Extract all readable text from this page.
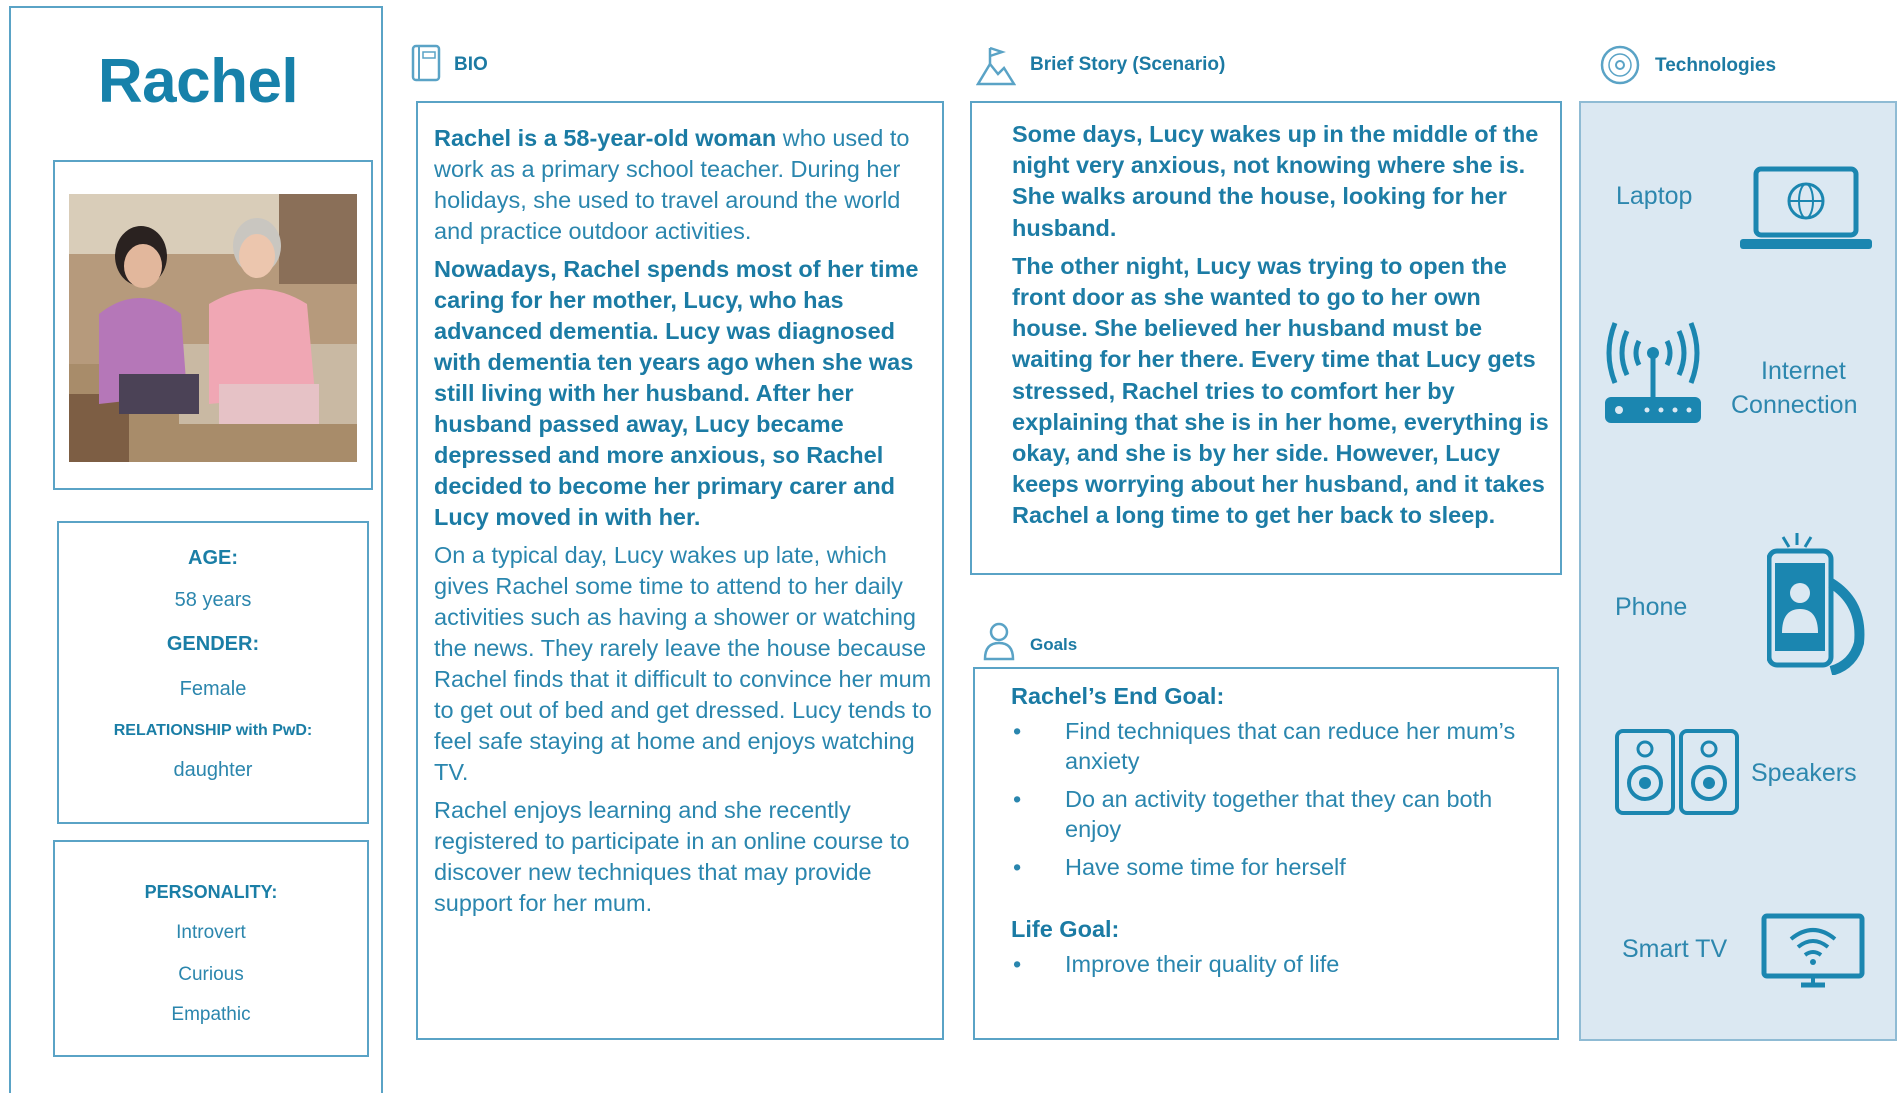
Rachel
AGE:
58 years
GENDER:
Female
RELATIONSHIP with PwD:
daughter
PERSONALITY:
Introvert
Curious
Empathic
BIO

Rachel is a 58-year-old woman who used to work as a primary school teacher. During her holidays, she used to travel around the world and practice outdoor activities.

Nowadays, Rachel spends most of her time caring for her mother, Lucy, who has advanced dementia. Lucy was diagnosed with dementia ten years ago when she was still living with her husband. After her husband passed away, Lucy became depressed and more anxious, so Rachel decided to become her primary carer and Lucy moved in with her.

On a typical day, Lucy wakes up late, which gives Rachel some time to attend to her daily activities such as having a shower or watching the news. They rarely leave the house because Rachel finds that it difficult to convince her mum to get out of bed and get dressed. Lucy tends to feel safe staying at home and enjoys watching TV.

Rachel enjoys learning and she recently registered to participate in an online course to discover new techniques that may provide support for her mum.

Brief Story (Scenario)

Some days, Lucy wakes up in the middle of the night very anxious, not knowing where she is. She walks around the house, looking for her husband.

The other night, Lucy was trying to open the front door as she wanted to go to her own house. She believed her husband must be waiting for her there. Every time that Lucy gets stressed, Rachel tries to comfort her by explaining that she is in her home, everything is okay, and she is by her side. However, Lucy keeps worrying about her husband, and it takes Rachel a long time to get her back to sleep.

Goals
Rachel’s End Goal:
• Find techniques that can reduce her mum’s anxiety
• Do an activity together that they can both enjoy
• Have some time for herself
Life Goal:
• Improve their quality of life
Technologies
Laptop
Internet
Connection
Phone
Speakers
Smart TV
